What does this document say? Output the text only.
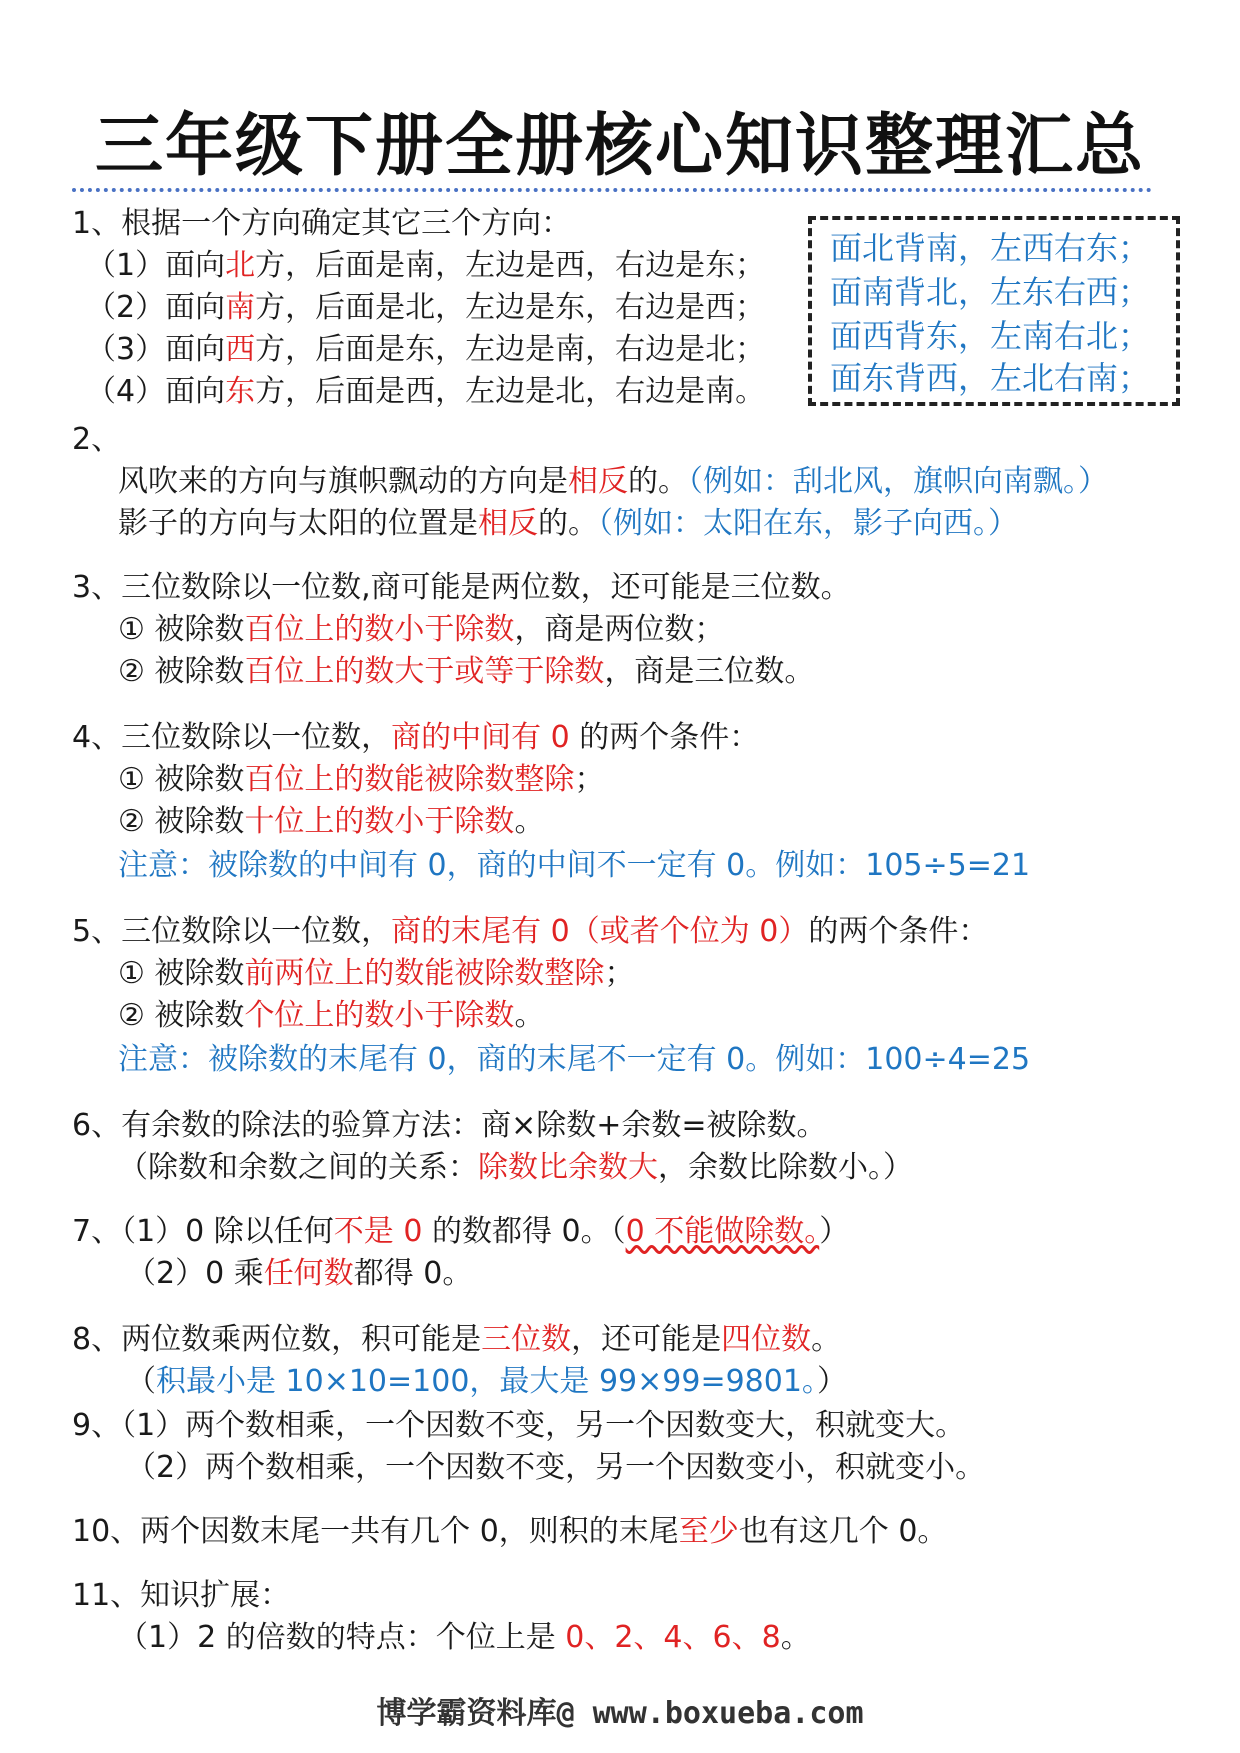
三年级下册全册核心知识整理汇总
1、根据一个方向确定其它三个方向：
（1）面向北方，后面是南，左边是西，右边是东；
（2）面向南方，后面是北，左边是东，右边是西；
（3）面向西方，后面是东，左边是南，右边是北；
（4）面向东方，后面是西，左边是北，右边是南。
面北背南，左西右东；
面南背北，左东右西；
面西背东，左南右北；
面东背西，左北右南；
2、
风吹来的方向与旗帜飘动的方向是相反的。（例如：刮北风，旗帜向南飘。）
影子的方向与太阳的位置是相反的。（例如：太阳在东，影子向西。）
3、三位数除以一位数,商可能是两位数，还可能是三位数。
① 被除数百位上的数小于除数，商是两位数；
② 被除数百位上的数大于或等于除数，商是三位数。
4、三位数除以一位数，商的中间有 0 的两个条件：
① 被除数百位上的数能被除数整除；
② 被除数十位上的数小于除数。
注意：被除数的中间有 0，商的中间不一定有 0。例如：105÷5=21
5、三位数除以一位数，商的末尾有 0（或者个位为 0）的两个条件：
① 被除数前两位上的数能被除数整除；
② 被除数个位上的数小于除数。
注意：被除数的末尾有 0，商的末尾不一定有 0。例如：100÷4=25
6、有余数的除法的验算方法：商×除数+余数=被除数。
（除数和余数之间的关系：除数比余数大，余数比除数小。）
7、（1）0 除以任何不是 0 的数都得 0。（0 不能做除数。）
（2）0 乘任何数都得 0。
8、两位数乘两位数，积可能是三位数，还可能是四位数。
（积最小是 10×10=100，最大是 99×99=9801。）
9、（1）两个数相乘，一个因数不变，另一个因数变大，积就变大。
（2）两个数相乘，一个因数不变，另一个因数变小，积就变小。
10、两个因数末尾一共有几个 0，则积的末尾至少也有这几个 0。
11、知识扩展：
（1）2 的倍数的特点：个位上是 0、2、4、6、8。
博学霸资料库@ www.boxueba.com
